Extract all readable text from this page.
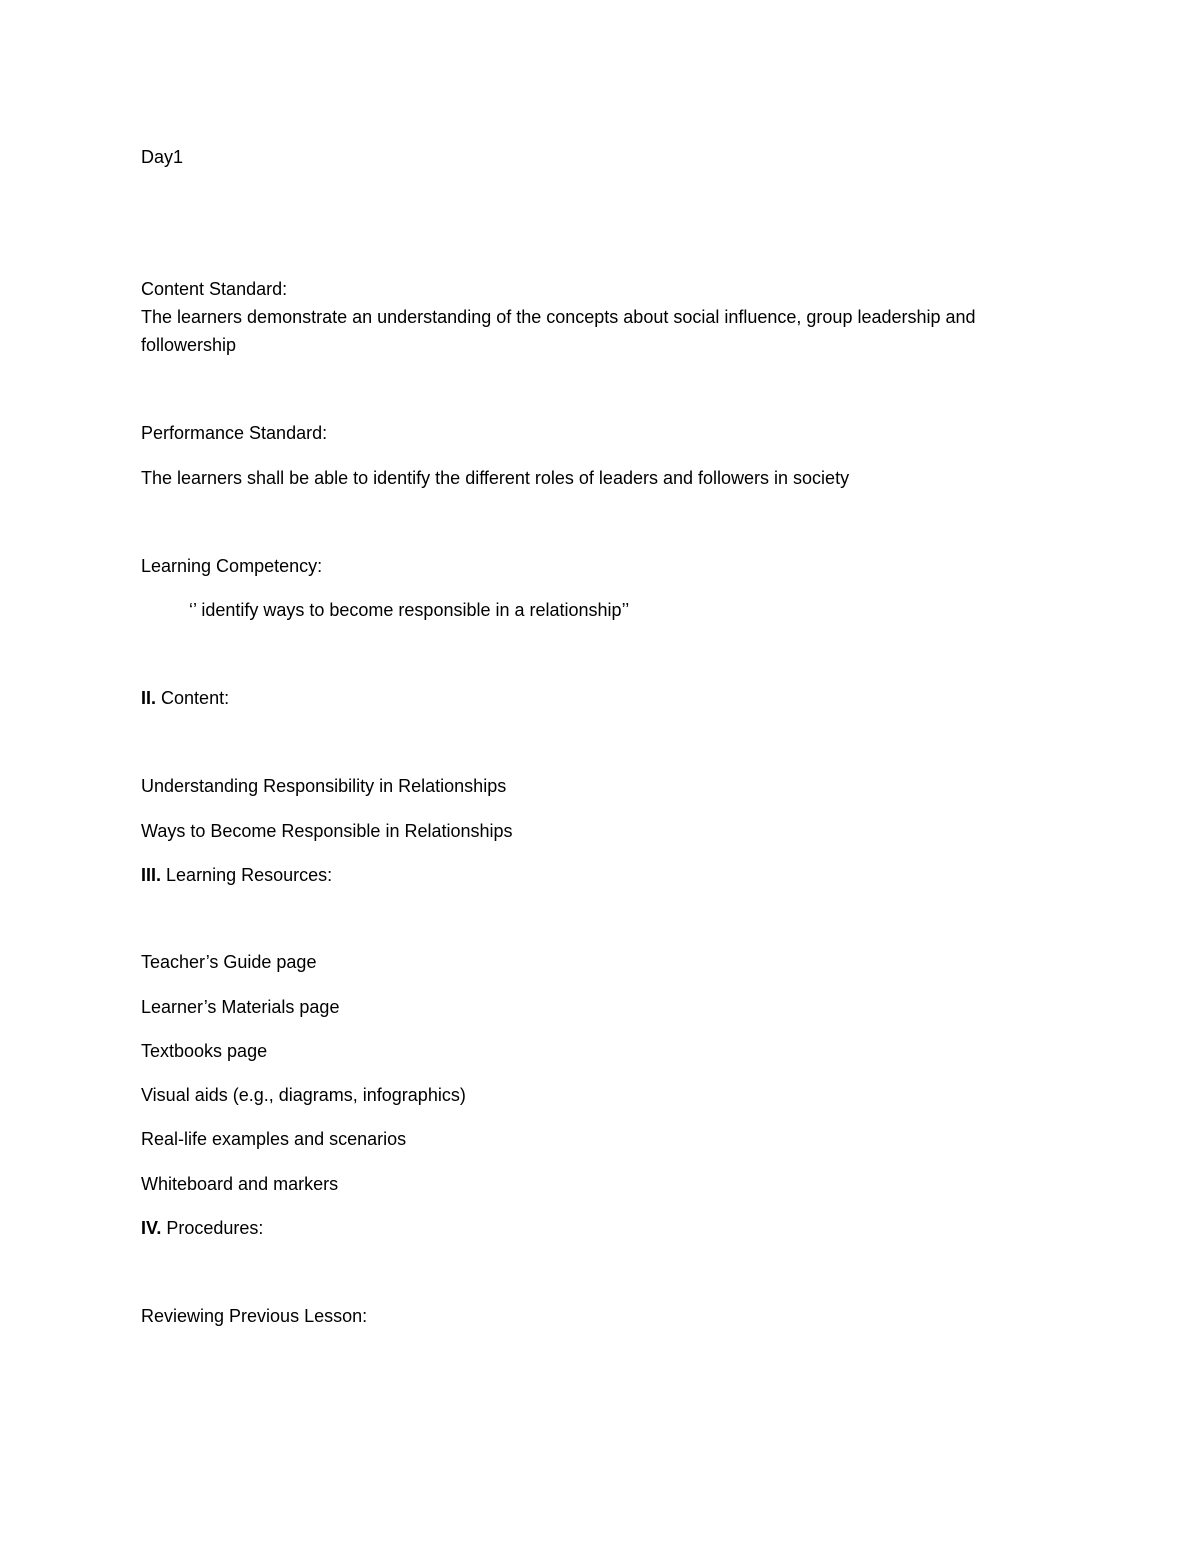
Day1
Content Standard:
The learners demonstrate an understanding of the concepts about social influence, group leadership and followership
Performance Standard:
The learners shall be able to identify the different roles of leaders and followers in society
Learning Competency:
‘’ identify ways to become responsible in a relationship’’
II. Content:
Understanding Responsibility in Relationships
Ways to Become Responsible in Relationships
III. Learning Resources:
Teacher’s Guide page
Learner’s Materials page
Textbooks page
Visual aids (e.g., diagrams, infographics)
Real-life examples and scenarios
Whiteboard and markers
IV. Procedures:
Reviewing Previous Lesson:
